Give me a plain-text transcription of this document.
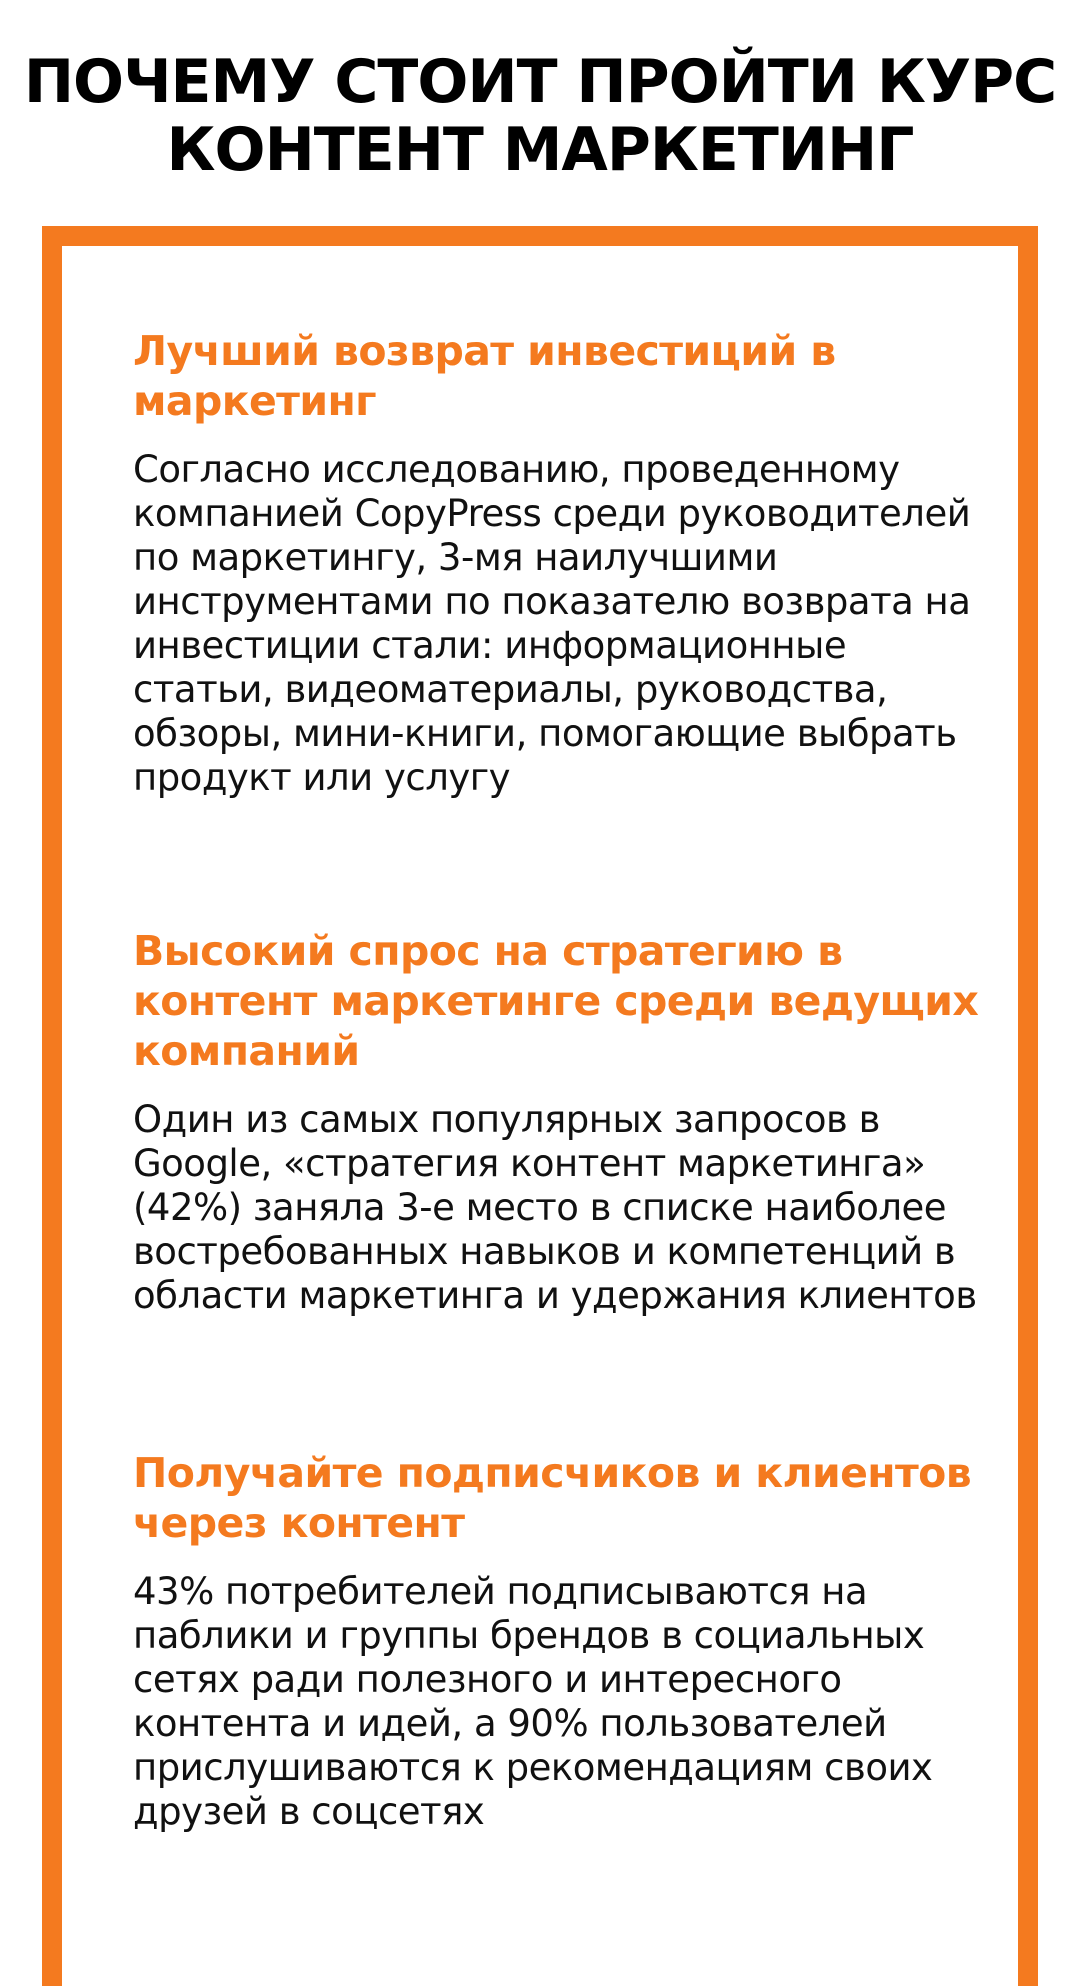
ПОЧЕМУ СТОИТ ПРОЙТИ КУРС
КОНТЕНТ МАРКЕТИНГ
Лучший возврат инвестиций в маркетинг

Согласно исследованию, проведенному компанией CopyPress среди руководителей по маркетингу, 3-мя наилучшими инструментами по показателю возврата на инвестиции стали: информационные статьи, видеоматериалы, руководства, обзоры, мини-книги, помогающие выбрать продукт или услугу

Высокий спрос на стратегию в контент маркетинге среди ведущих компаний

Один из самых популярных запросов в Google, «стратегия контент маркетинга» (42%) заняла 3-е место в списке наиболее востребованных навыков и компетенций в области маркетинга и удержания клиентов

Получайте подписчиков и клиентов через контент

43% потребителей подписываются на паблики и группы брендов в социальных сетях ради полезного и интересного контента и идей, а 90% пользователей прислушиваются к рекомендациям своих друзей в соцсетях
